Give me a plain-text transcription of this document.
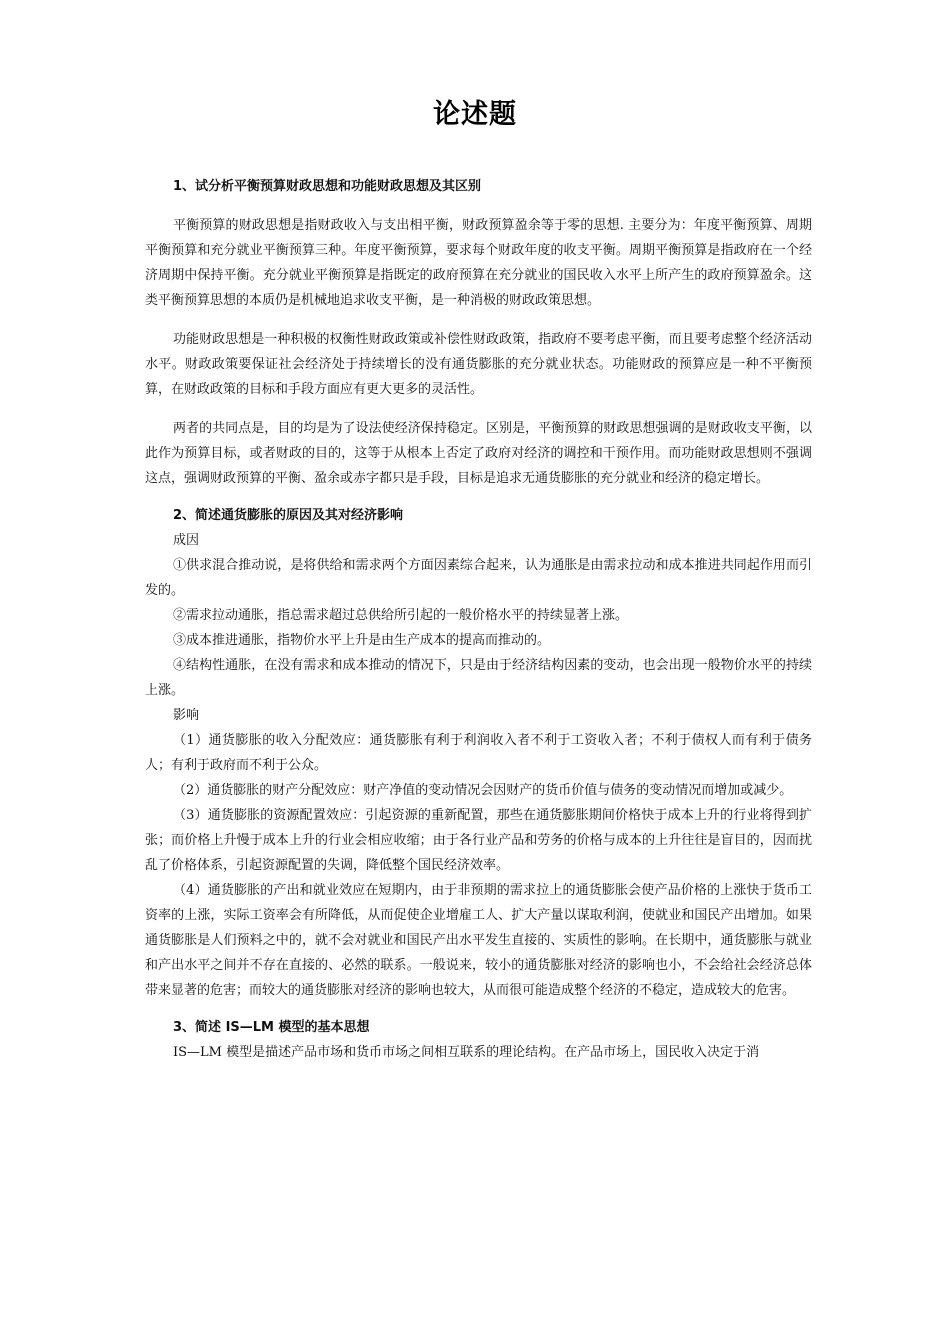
论述题

1、试分析平衡预算财政思想和功能财政思想及其区别

平衡预算的财政思想是指财政收入与支出相平衡，财政预算盈余等于零的思想. 主要分为：年度平衡预算、周期平衡预算和充分就业平衡预算三种。年度平衡预算，要求每个财政年度的收支平衡。周期平衡预算是指政府在一个经济周期中保持平衡。充分就业平衡预算是指既定的政府预算在充分就业的国民收入水平上所产生的政府预算盈余。这类平衡预算思想的本质仍是机械地追求收支平衡，是一种消极的财政政策思想。

功能财政思想是一种积极的权衡性财政政策或补偿性财政政策，指政府不要考虑平衡，而且要考虑整个经济活动水平。财政政策要保证社会经济处于持续增长的没有通货膨胀的充分就业状态。功能财政的预算应是一种不平衡预算，在财政政策的目标和手段方面应有更大更多的灵活性。

两者的共同点是，目的均是为了设法使经济保持稳定。区别是，平衡预算的财政思想强调的是财政收支平衡，以此作为预算目标，或者财政的目的，这等于从根本上否定了政府对经济的调控和干预作用。而功能财政思想则不强调这点，强调财政预算的平衡、盈余或赤字都只是手段，目标是追求无通货膨胀的充分就业和经济的稳定增长。

2、简述通货膨胀的原因及其对经济影响

成因

①供求混合推动说，是将供给和需求两个方面因素综合起来，认为通胀是由需求拉动和成本推进共同起作用而引发的。

②需求拉动通胀，指总需求超过总供给所引起的一般价格水平的持续显著上涨。

③成本推进通胀，指物价水平上升是由生产成本的提高而推动的。

④结构性通胀，在没有需求和成本推动的情况下，只是由于经济结构因素的变动，也会出现一般物价水平的持续上涨。

影响

（1）通货膨胀的收入分配效应：通货膨胀有利于利润收入者不利于工资收入者；不利于债权人而有利于债务人；有利于政府而不利于公众。

（2）通货膨胀的财产分配效应：财产净值的变动情况会因财产的货币价值与债务的变动情况而增加或减少。

（3）通货膨胀的资源配置效应：引起资源的重新配置，那些在通货膨胀期间价格快于成本上升的行业将得到扩张；而价格上升慢于成本上升的行业会相应收缩；由于各行业产品和劳务的价格与成本的上升往往是盲目的，因而扰乱了价格体系，引起资源配置的失调，降低整个国民经济效率。

（4）通货膨胀的产出和就业效应在短期内，由于非预期的需求拉上的通货膨胀会使产品价格的上涨快于货币工资率的上涨，实际工资率会有所降低，从而促使企业增雇工人、扩大产量以谋取利润，使就业和国民产出增加。如果通货膨胀是人们预料之中的，就不会对就业和国民产出水平发生直接的、实质性的影响。在长期中，通货膨胀与就业和产出水平之间并不存在直接的、必然的联系。一般说来，较小的通货膨胀对经济的影响也小，不会给社会经济总体带来显著的危害；而较大的通货膨胀对经济的影响也较大，从而很可能造成整个经济的不稳定，造成较大的危害。

3、简述 IS—LM 模型的基本思想

IS—LM 模型是描述产品市场和货币市场之间相互联系的理论结构。在产品市场上，国民收入决定于消
